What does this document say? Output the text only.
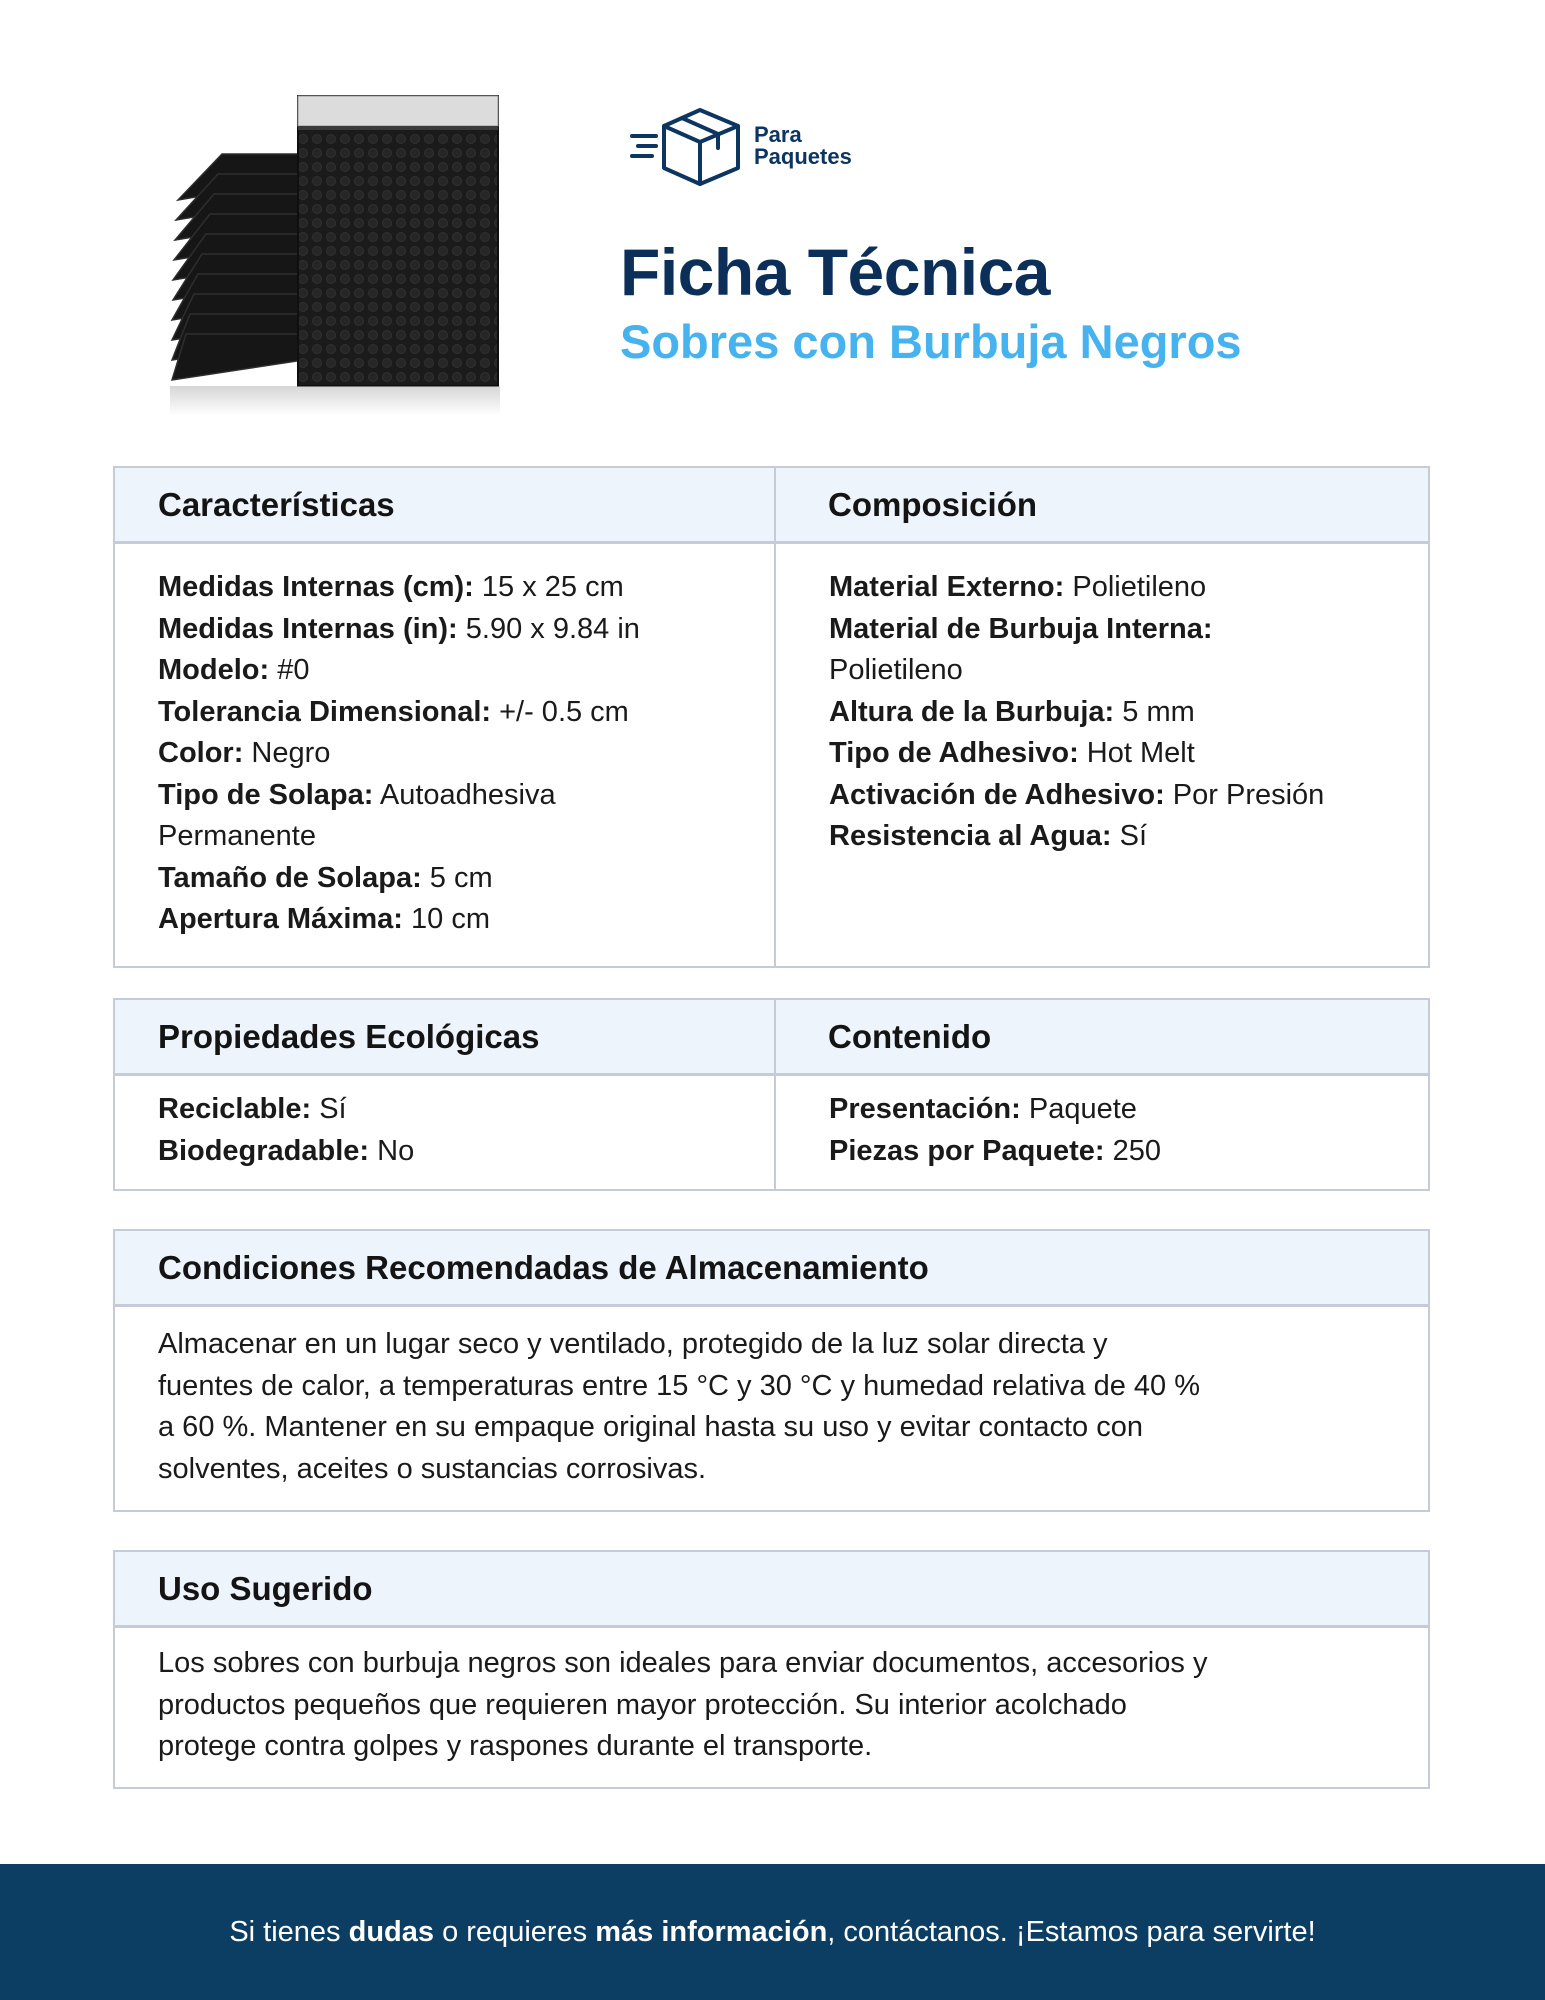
Para
Paquetes
Ficha Técnica
Sobres con Burbuja Negros
Características	Composición
Medidas Internas (cm): 15 x 25 cm
Medidas Internas (in): 5.90 x 9.84 in
Modelo: #0
Tolerancia Dimensional: +/- 0.5 cm
Color: Negro
Tipo de Solapa: Autoadhesiva
Permanente
Tamaño de Solapa: 5 cm
Apertura Máxima: 10 cm
Material Externo: Polietileno
Material de Burbuja Interna:
Polietileno
Altura de la Burbuja: 5 mm
Tipo de Adhesivo: Hot Melt
Activación de Adhesivo: Por Presión
Resistencia al Agua: Sí
Propiedades Ecológicas	Contenido
Reciclable: Sí
Biodegradable: No
Presentación: Paquete
Piezas por Paquete: 250
Condiciones Recomendadas de Almacenamiento
Almacenar en un lugar seco y ventilado, protegido de la luz solar directa y
fuentes de calor, a temperaturas entre 15 °C y 30 °C y humedad relativa de 40 %
a 60 %. Mantener en su empaque original hasta su uso y evitar contacto con
solventes, aceites o sustancias corrosivas.
Uso Sugerido
Los sobres con burbuja negros son ideales para enviar documentos, accesorios y
productos pequeños que requieren mayor protección. Su interior acolchado
protege contra golpes y raspones durante el transporte.
Si tienes dudas o requieres más información, contáctanos. ¡Estamos para servirte!
